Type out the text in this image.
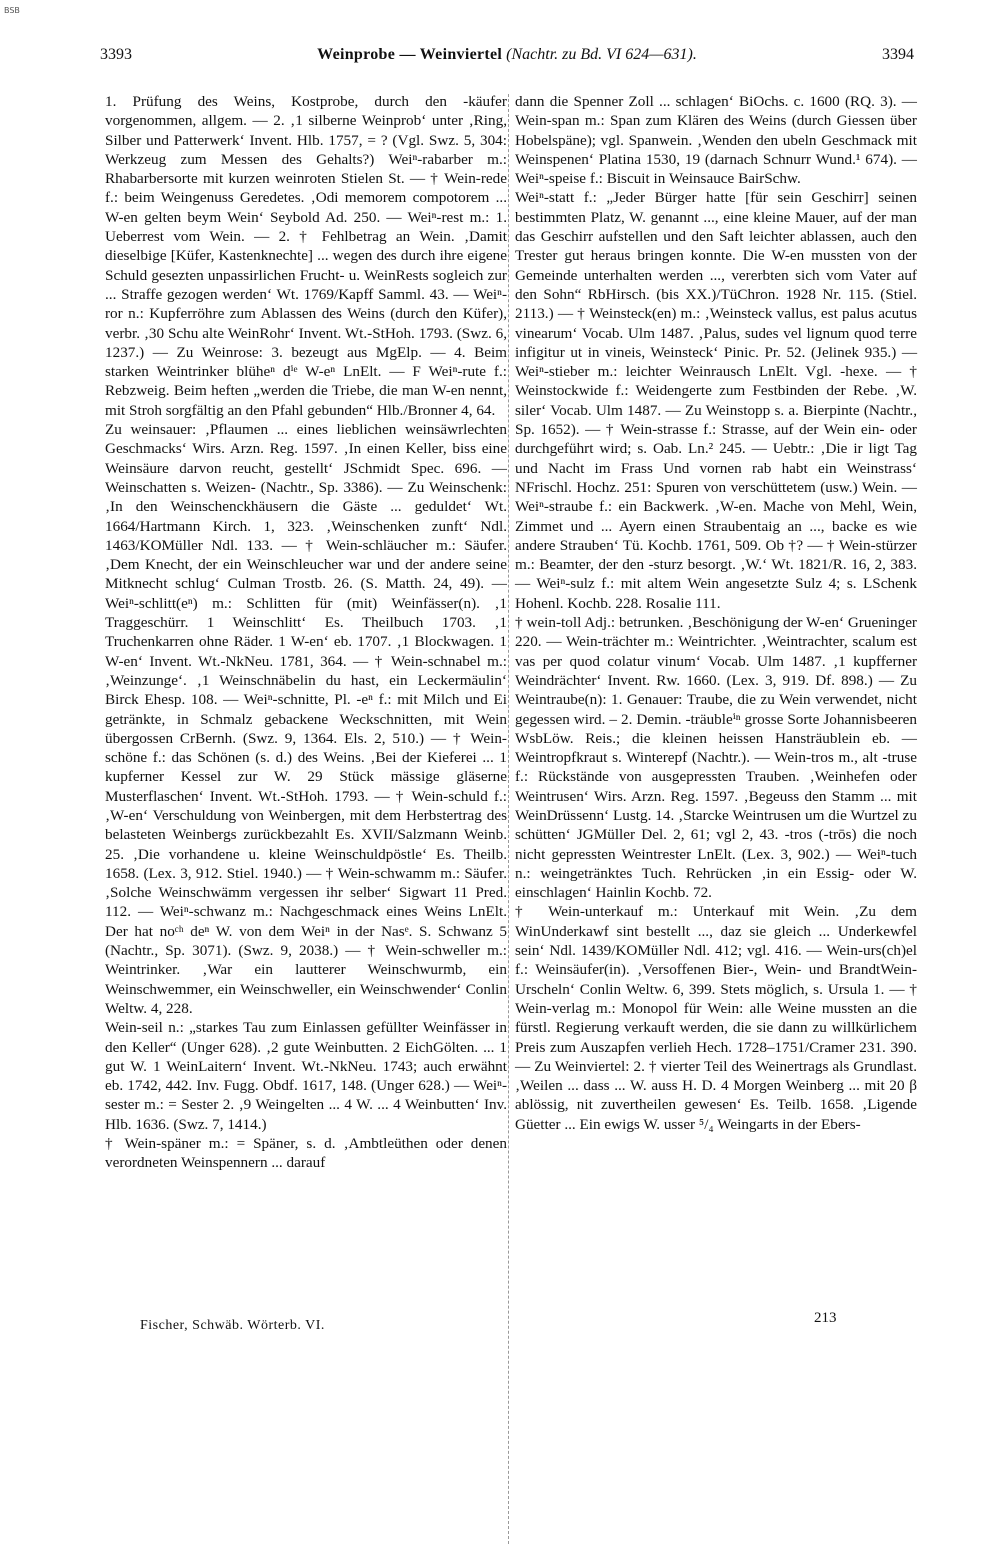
BSB
3393	Weinprobe — Weinviertel (Nachtr. zu Bd. VI 624—631).	3394

1. Prüfung des Weins, Kostprobe, durch den -käufer vorgenommen, allgem. — 2. ‚1 silberne Weinprob‘ unter ‚Ring, Silber und Patterwerk‘ Invent. Hlb. 1757, = ? (Vgl. Swz. 5, 304: Werkzeug zum Messen des Gehalts?) Weiⁿ-rabarber m.: Rhabarbersorte mit kurzen weinroten Stielen St. — † Wein-rede f.: beim Weingenuss Geredetes. ‚Odi memorem compotorem ... W-en gelten beym Wein‘ Seybold Ad. 250. — Weiⁿ-rest m.: 1. Ueberrest vom Wein. — 2. † Fehlbetrag an Wein. ‚Damit dieselbige [Küfer, Kastenknechte] ... wegen des durch ihre eigene Schuld gesezten unpassirlichen Frucht- u. WeinRests sogleich zur ... Straffe gezogen werden‘ Wt. 1769/Kapff Samml. 43. — Weiⁿ-ror n.: Kupferröhre zum Ablassen des Weins (durch den Küfer), verbr. ‚30 Schu alte WeinRohr‘ Invent. Wt.-StHoh. 1793. (Swz. 6, 1237.) — Zu Weinrose: 3. bezeugt aus MgElp. — 4. Beim starken Weintrinker blüheⁿ dⁱᵉ W-eⁿ LnElt. — F Weiⁿ-rute f.: Rebzweig. Beim heften „werden die Triebe, die man W-en nennt, mit Stroh sorgfältig an den Pfahl gebunden“ Hlb./Bronner 4, 64.

Zu weinsauer: ‚Pflaumen ... eines lieblichen weinsäwrlechten Geschmacks‘ Wirs. Arzn. Reg. 1597. ‚In einen Keller, biss eine Weinsäure darvon reucht, gestellt‘ JSchmidt Spec. 696. — Weinschatten s. Weizen- (Nachtr., Sp. 3386). — Zu Weinschenk: ‚In den Weinschenckhäusern die Gäste ... geduldet‘ Wt. 1664/Hartmann Kirch. 1, 323. ‚Weinschenken zunft‘ Ndl. 1463/KOMüller Ndl. 133. — † Wein-schläucher m.: Säufer. ‚Dem Knecht, der ein Weinschleucher war und der andere seine Mitknecht schlug‘ Culman Trostb. 26. (S. Matth. 24, 49). — Weiⁿ-schlitt(eⁿ) m.: Schlitten für (mit) Weinfässer(n). ‚1 Traggeschürr. 1 Weinschlitt‘ Es. Theilbuch 1703. ‚1 Truchenkarren ohne Räder. 1 W-en‘ eb. 1707. ‚1 Blockwagen. 1 W-en‘ Invent. Wt.-NkNeu. 1781, 364. — † Wein-schnabel m.: ‚Weinzunge‘. ‚1 Weinschnäbelin du hast, ein Leckermäulin‘ Birck Ehesp. 108. — Weiⁿ-schnitte, Pl. -eⁿ f.: mit Milch und Ei getränkte, in Schmalz gebackene Weckschnitten, mit Wein übergossen CrBernh. (Swz. 9, 1364. Els. 2, 510.) — † Wein-schöne f.: das Schönen (s. d.) des Weins. ‚Bei der Kieferei ... 1 kupferner Kessel zur W. 29 Stück mässige gläserne Musterflaschen‘ Invent. Wt.-StHoh. 1793. — † Wein-schuld f.: ‚W-en‘ Verschuldung von Weinbergen, mit dem Herbstertrag des belasteten Weinbergs zurückbezahlt Es. XVII/Salzmann Weinb. 25. ‚Die vorhandene u. kleine Weinschuldpöstle‘ Es. Theilb. 1658. (Lex. 3, 912. Stiel. 1940.) — † Wein-schwamm m.: Säufer. ‚Solche Weinschwämm vergessen ihr selber‘ Sigwart 11 Pred. 112. — Weiⁿ-schwanz m.: Nachgeschmack eines Weins LnElt. Der hat noᶜʰ deⁿ W. von dem Weiⁿ in der Nasᵉ. S. Schwanz 5 (Nachtr., Sp. 3071). (Swz. 9, 2038.) — † Wein-schweller m.: Weintrinker. ‚War ein lautterer Weinschwurmb, ein Weinschwemmer, ein Weinschweller, ein Weinschwender‘ Conlin Weltw. 4, 228.

Wein-seil n.: „starkes Tau zum Einlassen gefüllter Weinfässer in den Keller“ (Unger 628). ‚2 gute Weinbutten. 2 EichGölten. ... 1 gut W. 1 WeinLaitern‘ Invent. Wt.-NkNeu. 1743; auch erwähnt eb. 1742, 442. Inv. Fugg. Obdf. 1617, 148. (Unger 628.) — Weiⁿ-sester m.: = Sester 2. ‚9 Weingelten ... 4 W. ... 4 Weinbutten‘ Inv. Hlb. 1636. (Swz. 7, 1414.)

† Wein-späner m.: = Späner, s. d. ‚Ambtleüthen oder denen verordneten Weinspennern ... darauf

dann die Spenner Zoll ... schlagen‘ BiOchs. c. 1600 (RQ. 3). — Wein-span m.: Span zum Klären des Weins (durch Giessen über Hobelspäne); vgl. Spanwein. ‚Wenden den ubeln Geschmack mit Weinspenen‘ Platina 1530, 19 (darnach Schnurr Wund.¹ 674). — Weiⁿ-speise f.: Biscuit in Weinsauce BairSchw.

Weiⁿ-statt f.: „Jeder Bürger hatte [für sein Geschirr] seinen bestimmten Platz, W. genannt ..., eine kleine Mauer, auf der man das Geschirr aufstellen und den Saft leichter ablassen, auch den Trester gut heraus bringen konnte. Die W-en mussten von der Gemeinde unterhalten werden ..., vererbten sich vom Vater auf den Sohn“ RbHirsch. (bis XX.)/TüChron. 1928 Nr. 115. (Stiel. 2113.) — † Weinsteck(en) m.: ‚Weinsteck vallus, est palus acutus vinearum‘ Vocab. Ulm 1487. ‚Palus, sudes vel lignum quod terre infigitur ut in vineis, Weinsteck‘ Pinic. Pr. 52. (Jelinek 935.) — Weiⁿ-stieber m.: leichter Weinrausch LnElt. Vgl. -hexe. — † Weinstockwide f.: Weidengerte zum Festbinden der Rebe. ‚W. siler‘ Vocab. Ulm 1487. — Zu Weinstopp s. a. Bierpinte (Nachtr., Sp. 1652). — † Wein-strasse f.: Strasse, auf der Wein ein- oder durchgeführt wird; s. Oab. Ln.² 245. — Uebtr.: ‚Die ir ligt Tag und Nacht im Frass Und vornen rab habt ein Weinstrass‘ NFrischl. Hochz. 251: Spuren von verschüttetem (usw.) Wein. — Weiⁿ-straube f.: ein Backwerk. ‚W-en. Mache von Mehl, Wein, Zimmet und ... Ayern einen Straubentaig an ..., backe es wie andere Strauben‘ Tü. Kochb. 1761, 509. Ob †? — † Wein-stürzer m.: Beamter, der den -sturz besorgt. ‚W.‘ Wt. 1821/R. 16, 2, 383. — Weiⁿ-sulz f.: mit altem Wein angesetzte Sulz 4; s. LSchenk Hohenl. Kochb. 228. Rosalie 111.

† wein-toll Adj.: betrunken. ‚Beschönigung der W-en‘ Grueninger 220. — Wein-trächter m.: Weintrichter. ‚Weintrachter, scalum est vas per quod colatur vinum‘ Vocab. Ulm 1487. ‚1 kupfferner Weindrächter‘ Invent. Rw. 1660. (Lex. 3, 919. Df. 898.) — Zu Weintraube(n): 1. Genauer: Traube, die zu Wein verwendet, nicht gegessen wird. – 2. Demin. -träubleⁱⁿ grosse Sorte Johannisbeeren WsbLöw. Reis.; die kleinen heissen Hansträublein eb. — Weintropfkraut s. Winterepf (Nachtr.). — Wein-tros m., alt -truse f.: Rückstände von ausgepressten Trauben. ‚Weinhefen oder Weintrusen‘ Wirs. Arzn. Reg. 1597. ‚Begeuss den Stamm ... mit WeinDrüssenn‘ Lustg. 14. ‚Starcke Weintrusen um die Wurtzel zu schütten‘ JGMüller Del. 2, 61; vgl 2, 43. -tros (-trōs) die noch nicht gepressten Weintrester LnElt. (Lex. 3, 902.) — Weiⁿ-tuch n.: weingetränktes Tuch. Rehrücken ‚in ein Essig- oder W. einschlagen‘ Hainlin Kochb. 72.

† Wein-unterkauf m.: Unterkauf mit Wein. ‚Zu dem WinUnderkawf sint bestellt ..., daz sie gleich ... Underkewfel sein‘ Ndl. 1439/KOMüller Ndl. 412; vgl. 416. — Wein-urs(ch)el f.: Weinsäufer(in). ‚Versoffenen Bier-, Wein- und BrandtWein-Urscheln‘ Conlin Weltw. 6, 399. Stets möglich, s. Ursula 1. — † Wein-verlag m.: Monopol für Wein: alle Weine mussten an die fürstl. Regierung verkauft werden, die sie dann zu willkürlichem Preis zum Auszapfen verlieh Hech. 1728–1751/Cramer 231. 390. — Zu Weinviertel: 2. † vierter Teil des Weinertrags als Grundlast. ‚Weilen ... dass ... W. auss H. D. 4 Morgen Weinberg ... mit 20 β ablössig, nit zuvertheilen gewesen‘ Es. Teilb. 1658. ‚Ligende Güetter ... Ein ewigs W. usser ⁵/₄ Weingarts in der Ebers-

Fischer, Schwäb. Wörterb. VI.	213
